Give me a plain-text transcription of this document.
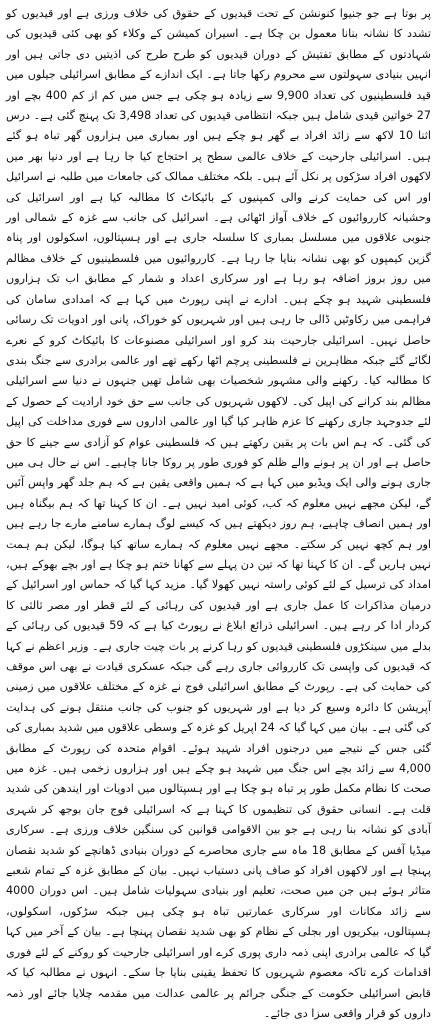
پر بوتا ہے جو جنیوا کنونشن کے تحت قیدیوں کے حقوق کی خلاف ورزی ہے اور قیدیوں کو تشدد کا نشانہ بنانا معمول بن چکا ہے۔ اسیران کمیشن کے وکلاء کو بھی کئی قیدیوں کی شہادتوں کے مطابق تفتیش کے دوران قیدیوں کو طرح طرح کی اذیتیں دی جاتی ہیں اور انہیں بنیادی سہولتوں سے محروم رکھا جاتا ہے۔ ایک اندازے کے مطابق اسرائیلی جیلوں میں قید فلسطینیوں کی تعداد 9,900 سے زیادہ ہو چکی ہے جس میں کم از کم 400 بچے اور 27 خواتین قیدی شامل ہیں جبکہ انتظامی قیدیوں کی تعداد 3,498 تک پہنچ گئی ہے۔ درس اثنا 10 لاکھ سے زائد افراد بے گھر ہو چکے ہیں اور بمباری میں ہزاروں گھر تباہ ہو گئے ہیں۔ اسرائیلی جارحیت کے خلاف عالمی سطح پر احتجاج کیا جا رہا ہے اور دنیا بھر میں لاکھوں افراد سڑکوں پر نکل آئے ہیں۔ بلکہ مختلف ممالک کی جامعات میں طلبہ نے اسرائیل اور اس کی حمایت کرنے والی کمپنیوں کے بائیکاٹ کا مطالبہ کیا ہے اور اسرائیل کی وحشیانہ کارروائیوں کے خلاف آواز اٹھائی ہے۔ اسرائیل کی جانب سے غزہ کے شمالی اور جنوبی علاقوں میں مسلسل بمباری کا سلسلہ جاری ہے اور ہسپتالوں، اسکولوں اور پناہ گزین کیمپوں کو بھی نشانہ بنایا جا رہا ہے۔ کارروائیوں میں فلسطینیوں کے خلاف مظالم میں روز بروز اضافہ ہو رہا ہے اور سرکاری اعداد و شمار کے مطابق اب تک ہزاروں فلسطینی شہید ہو چکے ہیں۔ ادارے نے اپنی رپورٹ میں کہا ہے کہ امدادی سامان کی فراہمی میں رکاوٹیں ڈالی جا رہی ہیں اور شہریوں کو خوراک، پانی اور ادویات تک رسائی حاصل نہیں۔ اسرائیلی جارحیت بند کرو اور اسرائیلی مصنوعات کا بائیکاٹ کرو کے نعرے لگائے گئے جبکہ مظاہرین نے فلسطینی پرچم اٹھا رکھے تھے اور عالمی برادری سے جنگ بندی کا مطالبہ کیا۔ رکھنے والی مشہور شخصیات بھی شامل تھیں جنہوں نے دنیا سے اسرائیلی مظالم بند کرانے کی اپیل کی۔ لاکھوں شہریوں کی جانب سے حق خود ارادیت کے حصول کے لئے جدوجہد جاری رکھنے کا عزم ظاہر کیا گیا اور عالمی اداروں سے فوری مداخلت کی اپیل کی گئی۔ کہ ہم اس بات پر یقین رکھتے ہیں کہ فلسطینی عوام کو آزادی سے جینے کا حق حاصل ہے اور ان پر ہونے والے ظلم کو فوری طور پر روکا جانا چاہیے۔ اس نے حال ہی میں جاری ہونے والی ایک ویڈیو میں کہا ہے کہ ہمیں واقعی یقین ہے کہ ہم جلد گھر واپس آئیں گے، لیکن مجھے نہیں معلوم کہ کب، کوئی امید نہیں ہے۔ ان کا کہنا تھا کہ ہم بیگناہ ہیں اور ہمیں انصاف چاہیے، ہم روز دیکھتے ہیں کہ کیسے لوگ ہمارے سامنے مارے جا رہے ہیں اور ہم کچھ نہیں کر سکتے۔ مجھے نہیں معلوم کہ ہمارے ساتھ کیا ہوگا، لیکن ہم ہمت نہیں ہاریں گے۔ ان کا کہنا تھا کہ تین دن پہلے سے کھانا ختم ہو چکا ہے اور بچے بھوکے ہیں، امداد کی ترسیل کے لئے کوئی راستہ نہیں کھولا گیا۔ مزید کہا گیا کہ حماس اور اسرائیل کے درمیان مذاکرات کا عمل جاری ہے اور قیدیوں کی رہائی کے لئے قطر اور مصر ثالثی کا کردار ادا کر رہے ہیں۔ اسرائیلی ذرائع ابلاغ نے رپورٹ کیا ہے کہ 59 قیدیوں کی رہائی کے بدلے میں سینکڑوں فلسطینی قیدیوں کو رہا کرنے پر بات چیت جاری ہے۔ وزیر اعظم نے کہا کہ قیدیوں کی واپسی تک کارروائی جاری رہے گی جبکہ عسکری قیادت نے بھی اس موقف کی حمایت کی ہے۔ رپورٹ کے مطابق اسرائیلی فوج نے غزہ کے مختلف علاقوں میں زمینی آپریشن کا دائرہ وسیع کر دیا ہے اور شہریوں کو جنوب کی جانب منتقل ہونے کی ہدایت کی گئی ہے۔ بیان میں کہا گیا کہ 24 اپریل کو غزہ کے وسطی علاقوں میں شدید بمباری کی گئی جس کے نتیجے میں درجنوں افراد شہید ہوئے۔ اقوام متحدہ کی رپورٹ کے مطابق 4,000 سے زائد بچے اس جنگ میں شہید ہو چکے ہیں اور ہزاروں زخمی ہیں۔ غزہ میں صحت کا نظام مکمل طور پر تباہ ہو چکا ہے اور ہسپتالوں میں ادویات اور ایندھن کی شدید قلت ہے۔ انسانی حقوق کی تنظیموں کا کہنا ہے کہ اسرائیلی فوج جان بوجھ کر شہری آبادی کو نشانہ بنا رہی ہے جو بین الاقوامی قوانین کی سنگین خلاف ورزی ہے۔ سرکاری میڈیا آفس کے مطابق 18 ماہ سے جاری محاصرے کے دوران بنیادی ڈھانچے کو شدید نقصان پہنچا ہے اور لاکھوں افراد کو صاف پانی دستیاب نہیں۔ بیان کے مطابق غزہ کے تمام شعبے متاثر ہوئے ہیں جن میں صحت، تعلیم اور بنیادی سہولیات شامل ہیں۔ اس دوران 4000 سے زائد مکانات اور سرکاری عمارتیں تباہ ہو چکی ہیں جبکہ سڑکوں، اسکولوں، ہسپتالوں، بیکریوں اور بجلی کے نظام کو بھی شدید نقصان پہنچا ہے۔ بیان کے آخر میں کہا گیا کہ عالمی برادری اپنی ذمہ داری پوری کرے اور اسرائیلی جارحیت کو روکنے کے لئے فوری اقدامات کرے تاکہ معصوم شہریوں کا تحفظ یقینی بنایا جا سکے۔ انہوں نے مطالبہ کیا کہ قابض اسرائیلی حکومت کے جنگی جرائم پر عالمی عدالت میں مقدمہ چلایا جائے اور ذمہ داروں کو قرار واقعی سزا دی جائے۔
